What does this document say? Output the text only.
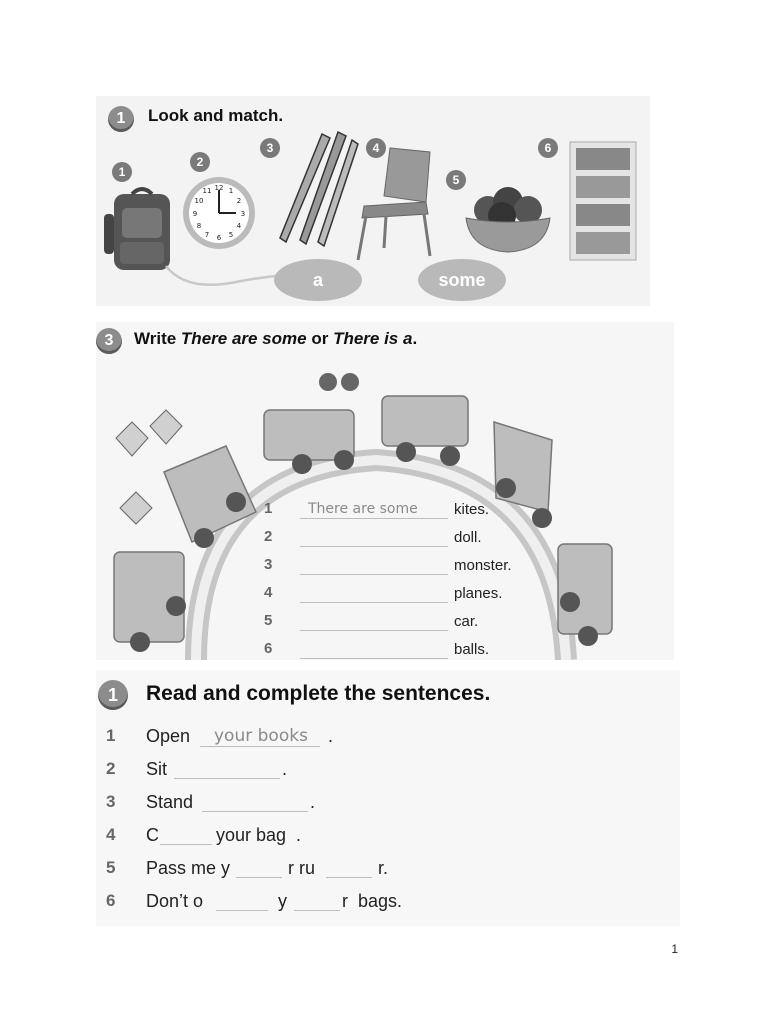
1	Look and match.
1
2
3	4
5
6
12 1
2
3
4
5
6
7
8
9
10
11
a	some
3	Write There are some or There is a.
1	There are some kites.
2	doll.
3	monster.
4	planes.
5	car.
6	balls.
1	Read and complete the sentences.
1 Open your books .
2 Sit	.
3 Stand	.
4 C	your bag .
5 Pass me y	r ru	r.
6 Don’t o	y	r bags.
1
